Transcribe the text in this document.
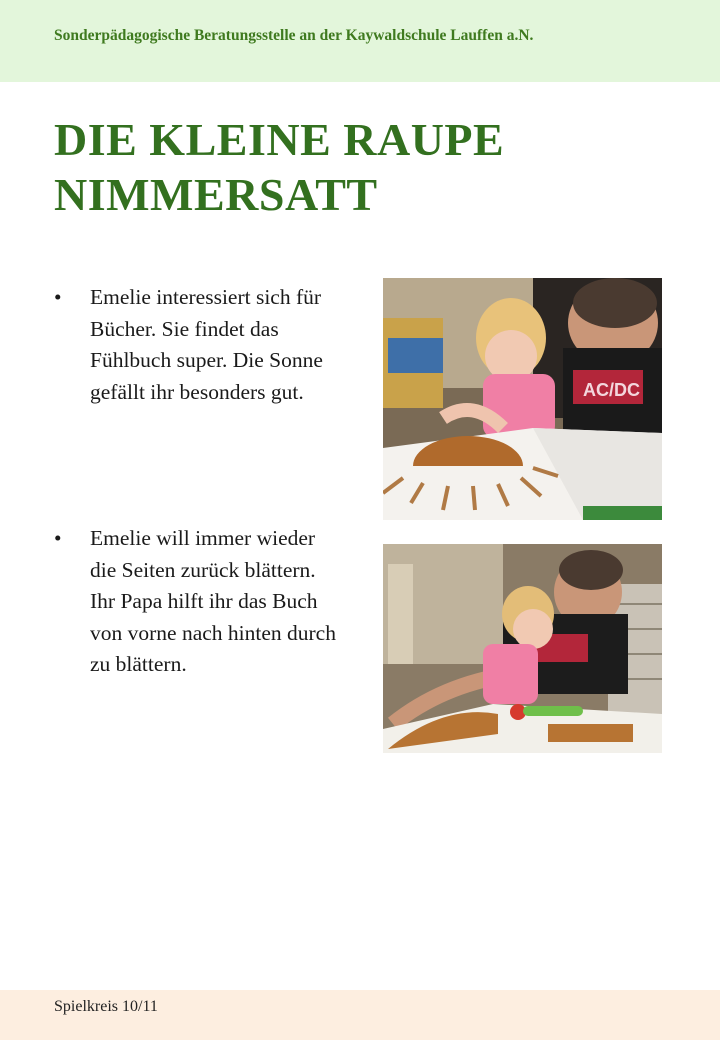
Sonderpädagogische Beratungsstelle an der Kaywaldschule Lauffen a.N.
DIE KLEINE RAUPE
NIMMERSATT
•	Emelie interessiert sich für Bücher. Sie findet das Fühlbuch super. Die Sonne gefällt ihr besonders gut.
•	Emelie will immer wieder die Seiten zurück blättern. Ihr Papa hilft ihr das Buch von vorne nach hinten durch zu blättern.
AC/DC
Spielkreis 10/11
